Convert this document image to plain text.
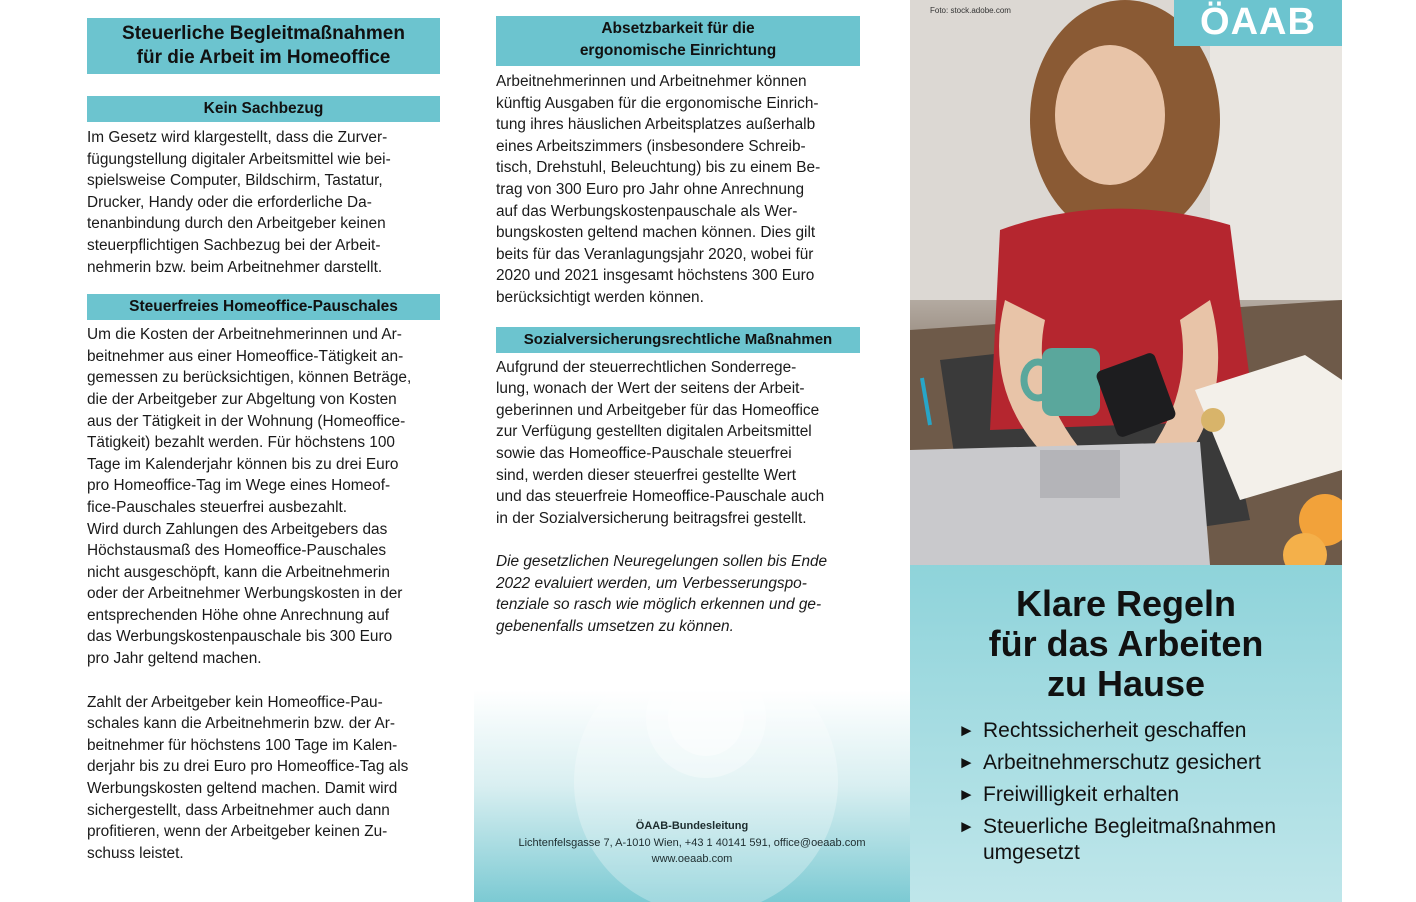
Steuerliche Begleitmaßnahmen
für die Arbeit im Homeoffice
Kein Sachbezug

Im Gesetz wird klargestellt, dass die Zurver-

fügungstellung digitaler Arbeitsmittel wie bei-

spielsweise Computer, Bildschirm, Tastatur,

Drucker, Handy oder die erforderliche Da-

tenanbindung durch den Arbeitgeber keinen

steuerpflichtigen Sachbezug bei der Arbeit-

nehmerin bzw. beim Arbeitnehmer darstellt.

Steuerfreies Homeoffice-Pauschales

Um die Kosten der Arbeitnehmerinnen und Ar-

beitnehmer aus einer Homeoffice-Tätigkeit an-

gemessen zu berücksichtigen, können Beträge,

die der Arbeitgeber zur Abgeltung von Kosten

aus der Tätigkeit in der Wohnung (Homeoffice-

Tätigkeit) bezahlt werden. Für höchstens 100

Tage im Kalenderjahr können bis zu drei Euro

pro Homeoffice-Tag im Wege eines Homeof-

fice-Pauschales steuerfrei ausbezahlt.

Wird durch Zahlungen des Arbeitgebers das

Höchstausmaß des Homeoffice-Pauschales

nicht ausgeschöpft, kann die Arbeitnehmerin

oder der Arbeitnehmer Werbungskosten in der

entsprechenden Höhe ohne Anrechnung auf

das Werbungskostenpauschale bis 300 Euro

pro Jahr geltend machen.

Zahlt der Arbeitgeber kein Homeoffice-Pau-

schales kann die Arbeitnehmerin bzw. der Ar-

beitnehmer für höchstens 100 Tage im Kalen-

derjahr bis zu drei Euro pro Homeoffice-Tag als

Werbungskosten geltend machen. Damit wird

sichergestellt, dass Arbeitnehmer auch dann

profitieren, wenn der Arbeitgeber keinen Zu-

schuss leistet.

ÖAAB-Bundesleitung
Lichtenfelsgasse 7, A-1010 Wien, +43 1 40141 591, office@oeaab.com
www.oeaab.com
Absetzbarkeit für die
ergonomische Einrichtung

Arbeitnehmerinnen und Arbeitnehmer können

künftig Ausgaben für die ergonomische Einrich-

tung ihres häuslichen Arbeitsplatzes außerhalb

eines Arbeitszimmers (insbesondere Schreib-

tisch, Drehstuhl, Beleuchtung) bis zu einem Be-

trag von 300 Euro pro Jahr ohne Anrechnung

auf das Werbungskostenpauschale als Wer-

bungskosten geltend machen können. Dies gilt

beits für das Veranlagungsjahr 2020, wobei für

2020 und 2021 insgesamt höchstens 300 Euro

berücksichtigt werden können.

Sozialversicherungsrechtliche Maßnahmen

Aufgrund der steuerrechtlichen Sonderrege-

lung, wonach der Wert der seitens der Arbeit-

geberinnen und Arbeitgeber für das Homeoffice

zur Verfügung gestellten digitalen Arbeitsmittel

sowie das Homeoffice-Pauschale steuerfrei

sind, werden dieser steuerfrei gestellte Wert

und das steuerfreie Homeoffice-Pauschale auch

in der Sozialversicherung beitragsfrei gestellt.

Die gesetzlichen Neuregelungen sollen bis Ende

2022 evaluiert werden, um Verbesserungspo-

tenziale so rasch wie möglich erkennen und ge-

gebenenfalls umsetzen zu können.

Foto: stock.adobe.com	ÖAAB
Klare Regeln
für das Arbeiten
zu Hause
► Rechtssicherheit geschaffen
► Arbeitnehmerschutz gesichert
► Freiwilligkeit erhalten
► Steuerliche Begleitmaßnahmen
umgesetzt
